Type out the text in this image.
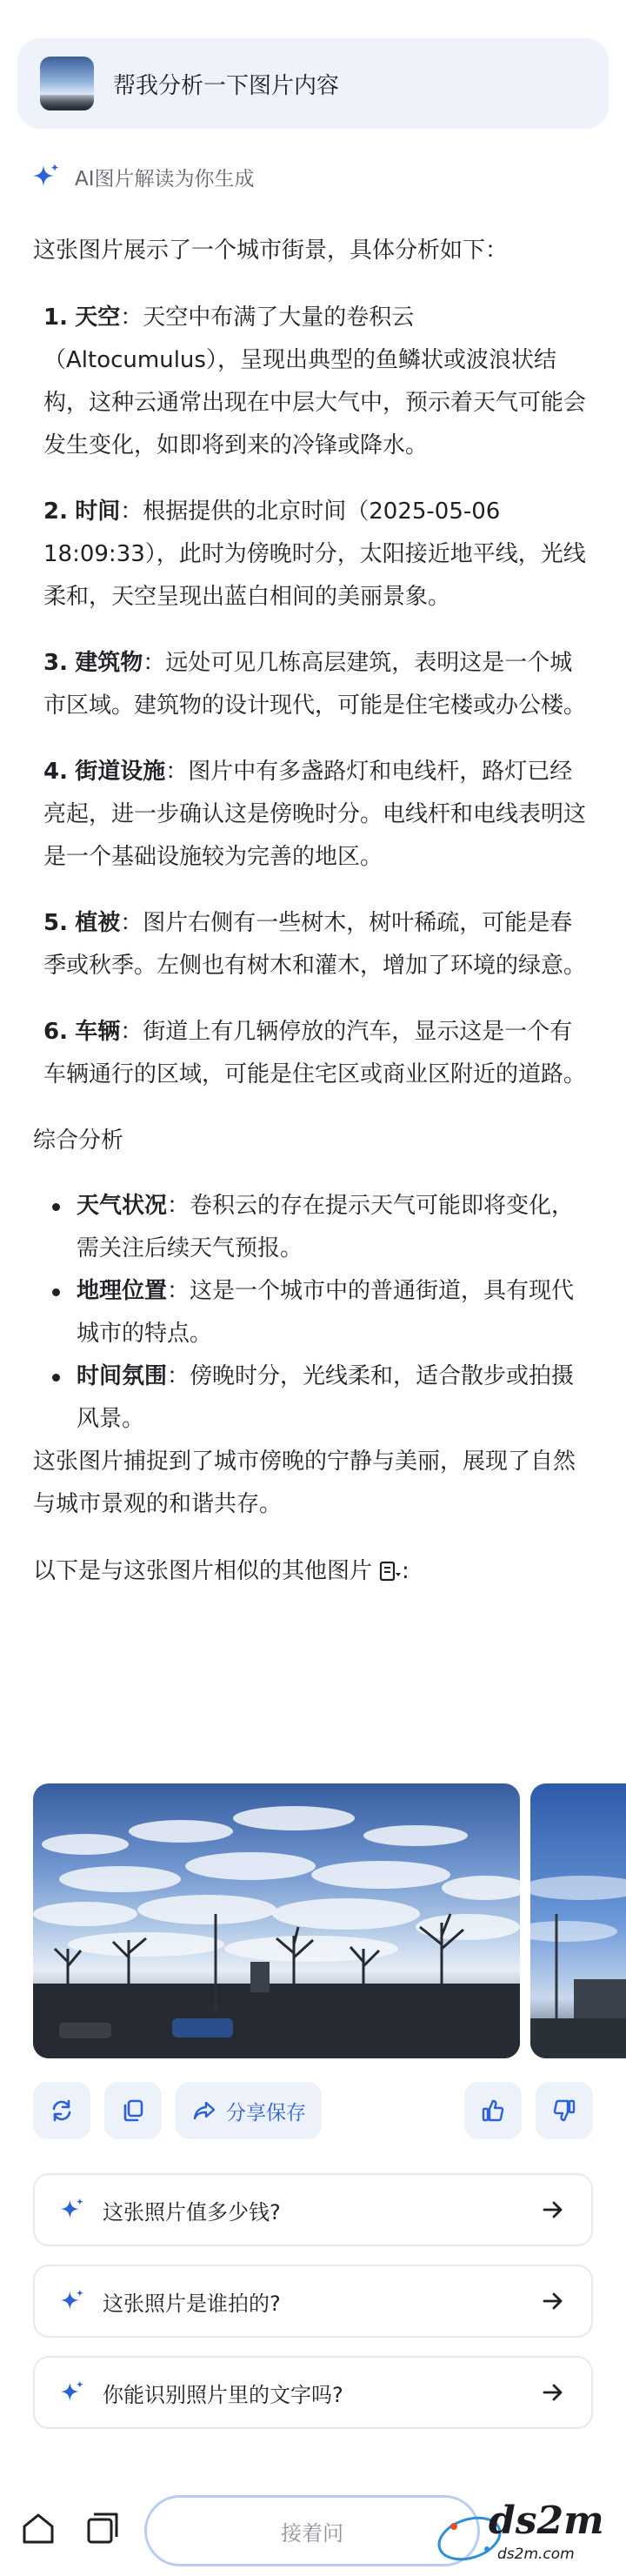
帮我分析一下图片内容
AI图片解读为你生成

这张图片展示了一个城市街景，具体分析如下：

1. 天空：天空中布满了大量的卷积云（Altocumulus），呈现出典型的鱼鳞状或波浪状结构，这种云通常出现在中层大气中，预示着天气可能会发生变化，如即将到来的冷锋或降水。

2. 时间：根据提供的北京时间（2025-05-06 18:09:33），此时为傍晚时分，太阳接近地平线，光线柔和，天空呈现出蓝白相间的美丽景象。

3. 建筑物：远处可见几栋高层建筑，表明这是一个城市区域。建筑物的设计现代，可能是住宅楼或办公楼。

4. 街道设施：图片中有多盏路灯和电线杆，路灯已经亮起，进一步确认这是傍晚时分。电线杆和电线表明这是一个基础设施较为完善的地区。

5. 植被：图片右侧有一些树木，树叶稀疏，可能是春季或秋季。左侧也有树木和灌木，增加了环境的绿意。

6. 车辆：街道上有几辆停放的汽车，显示这是一个有车辆通行的区域，可能是住宅区或商业区附近的道路。

综合分析

天气状况：卷积云的存在提示天气可能即将变化，需关注后续天气预报。

地理位置：这是一个城市中的普通街道，具有现代城市的特点。

时间氛围：傍晚时分，光线柔和，适合散步或拍摄风景。

这张图片捕捉到了城市傍晚的宁静与美丽，展现了自然与城市景观的和谐共存。

以下是与这张图片相似的其他图片 :
分享保存
这张照片值多少钱?
这张照片是谁拍的?
你能识别照片里的文字吗?
接着问	ds2m
ds2m.com
